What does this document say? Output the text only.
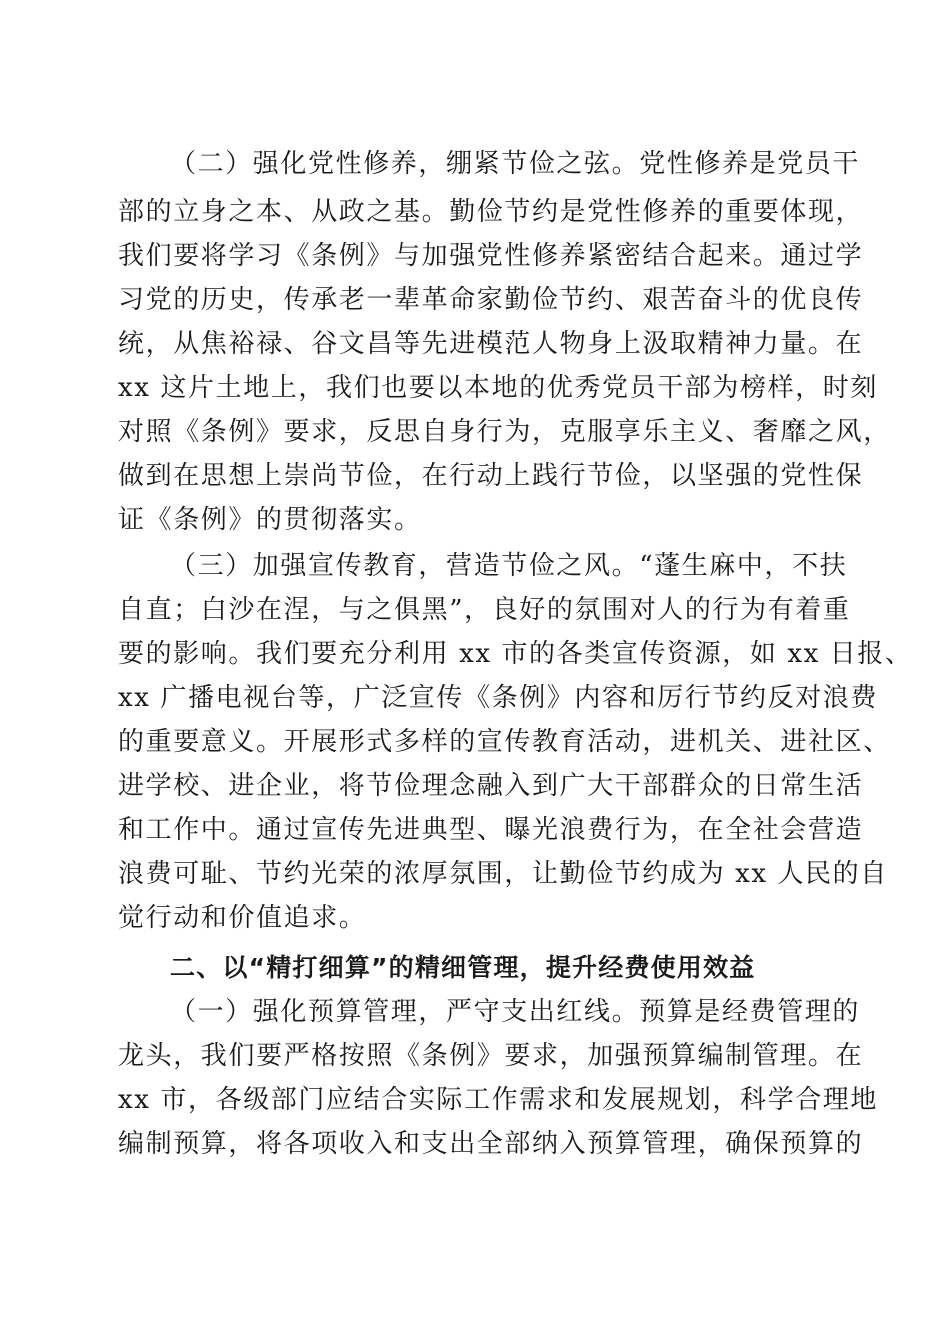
（二）强化党性修养，绷紧节俭之弦。党性修养是党员干
部的立身之本、从政之基。勤俭节约是党性修养的重要体现，
我们要将学习《条例》与加强党性修养紧密结合起来。通过学
习党的历史，传承老一辈革命家勤俭节约、艰苦奋斗的优良传
统，从焦裕禄、谷文昌等先进模范人物身上汲取精神力量。在
xx 这片土地上，我们也要以本地的优秀党员干部为榜样，时刻
对照《条例》要求，反思自身行为，克服享乐主义、奢靡之风，
做到在思想上崇尚节俭，在行动上践行节俭，以坚强的党性保
证《条例》的贯彻落实。
（三）加强宣传教育，营造节俭之风。“蓬生麻中，不扶
自直；白沙在涅，与之俱黑”，良好的氛围对人的行为有着重
要的影响。我们要充分利用 xx 市的各类宣传资源，如 xx 日报、
xx 广播电视台等，广泛宣传《条例》内容和厉行节约反对浪费
的重要意义。开展形式多样的宣传教育活动，进机关、进社区、
进学校、进企业，将节俭理念融入到广大干部群众的日常生活
和工作中。通过宣传先进典型、曝光浪费行为，在全社会营造
浪费可耻、节约光荣的浓厚氛围，让勤俭节约成为 xx 人民的自
觉行动和价值追求。
二、以“精打细算”的精细管理，提升经费使用效益
（一）强化预算管理，严守支出红线。预算是经费管理的
龙头，我们要严格按照《条例》要求，加强预算编制管理。在
xx 市，各级部门应结合实际工作需求和发展规划，科学合理地
编制预算，将各项收入和支出全部纳入预算管理，确保预算的
